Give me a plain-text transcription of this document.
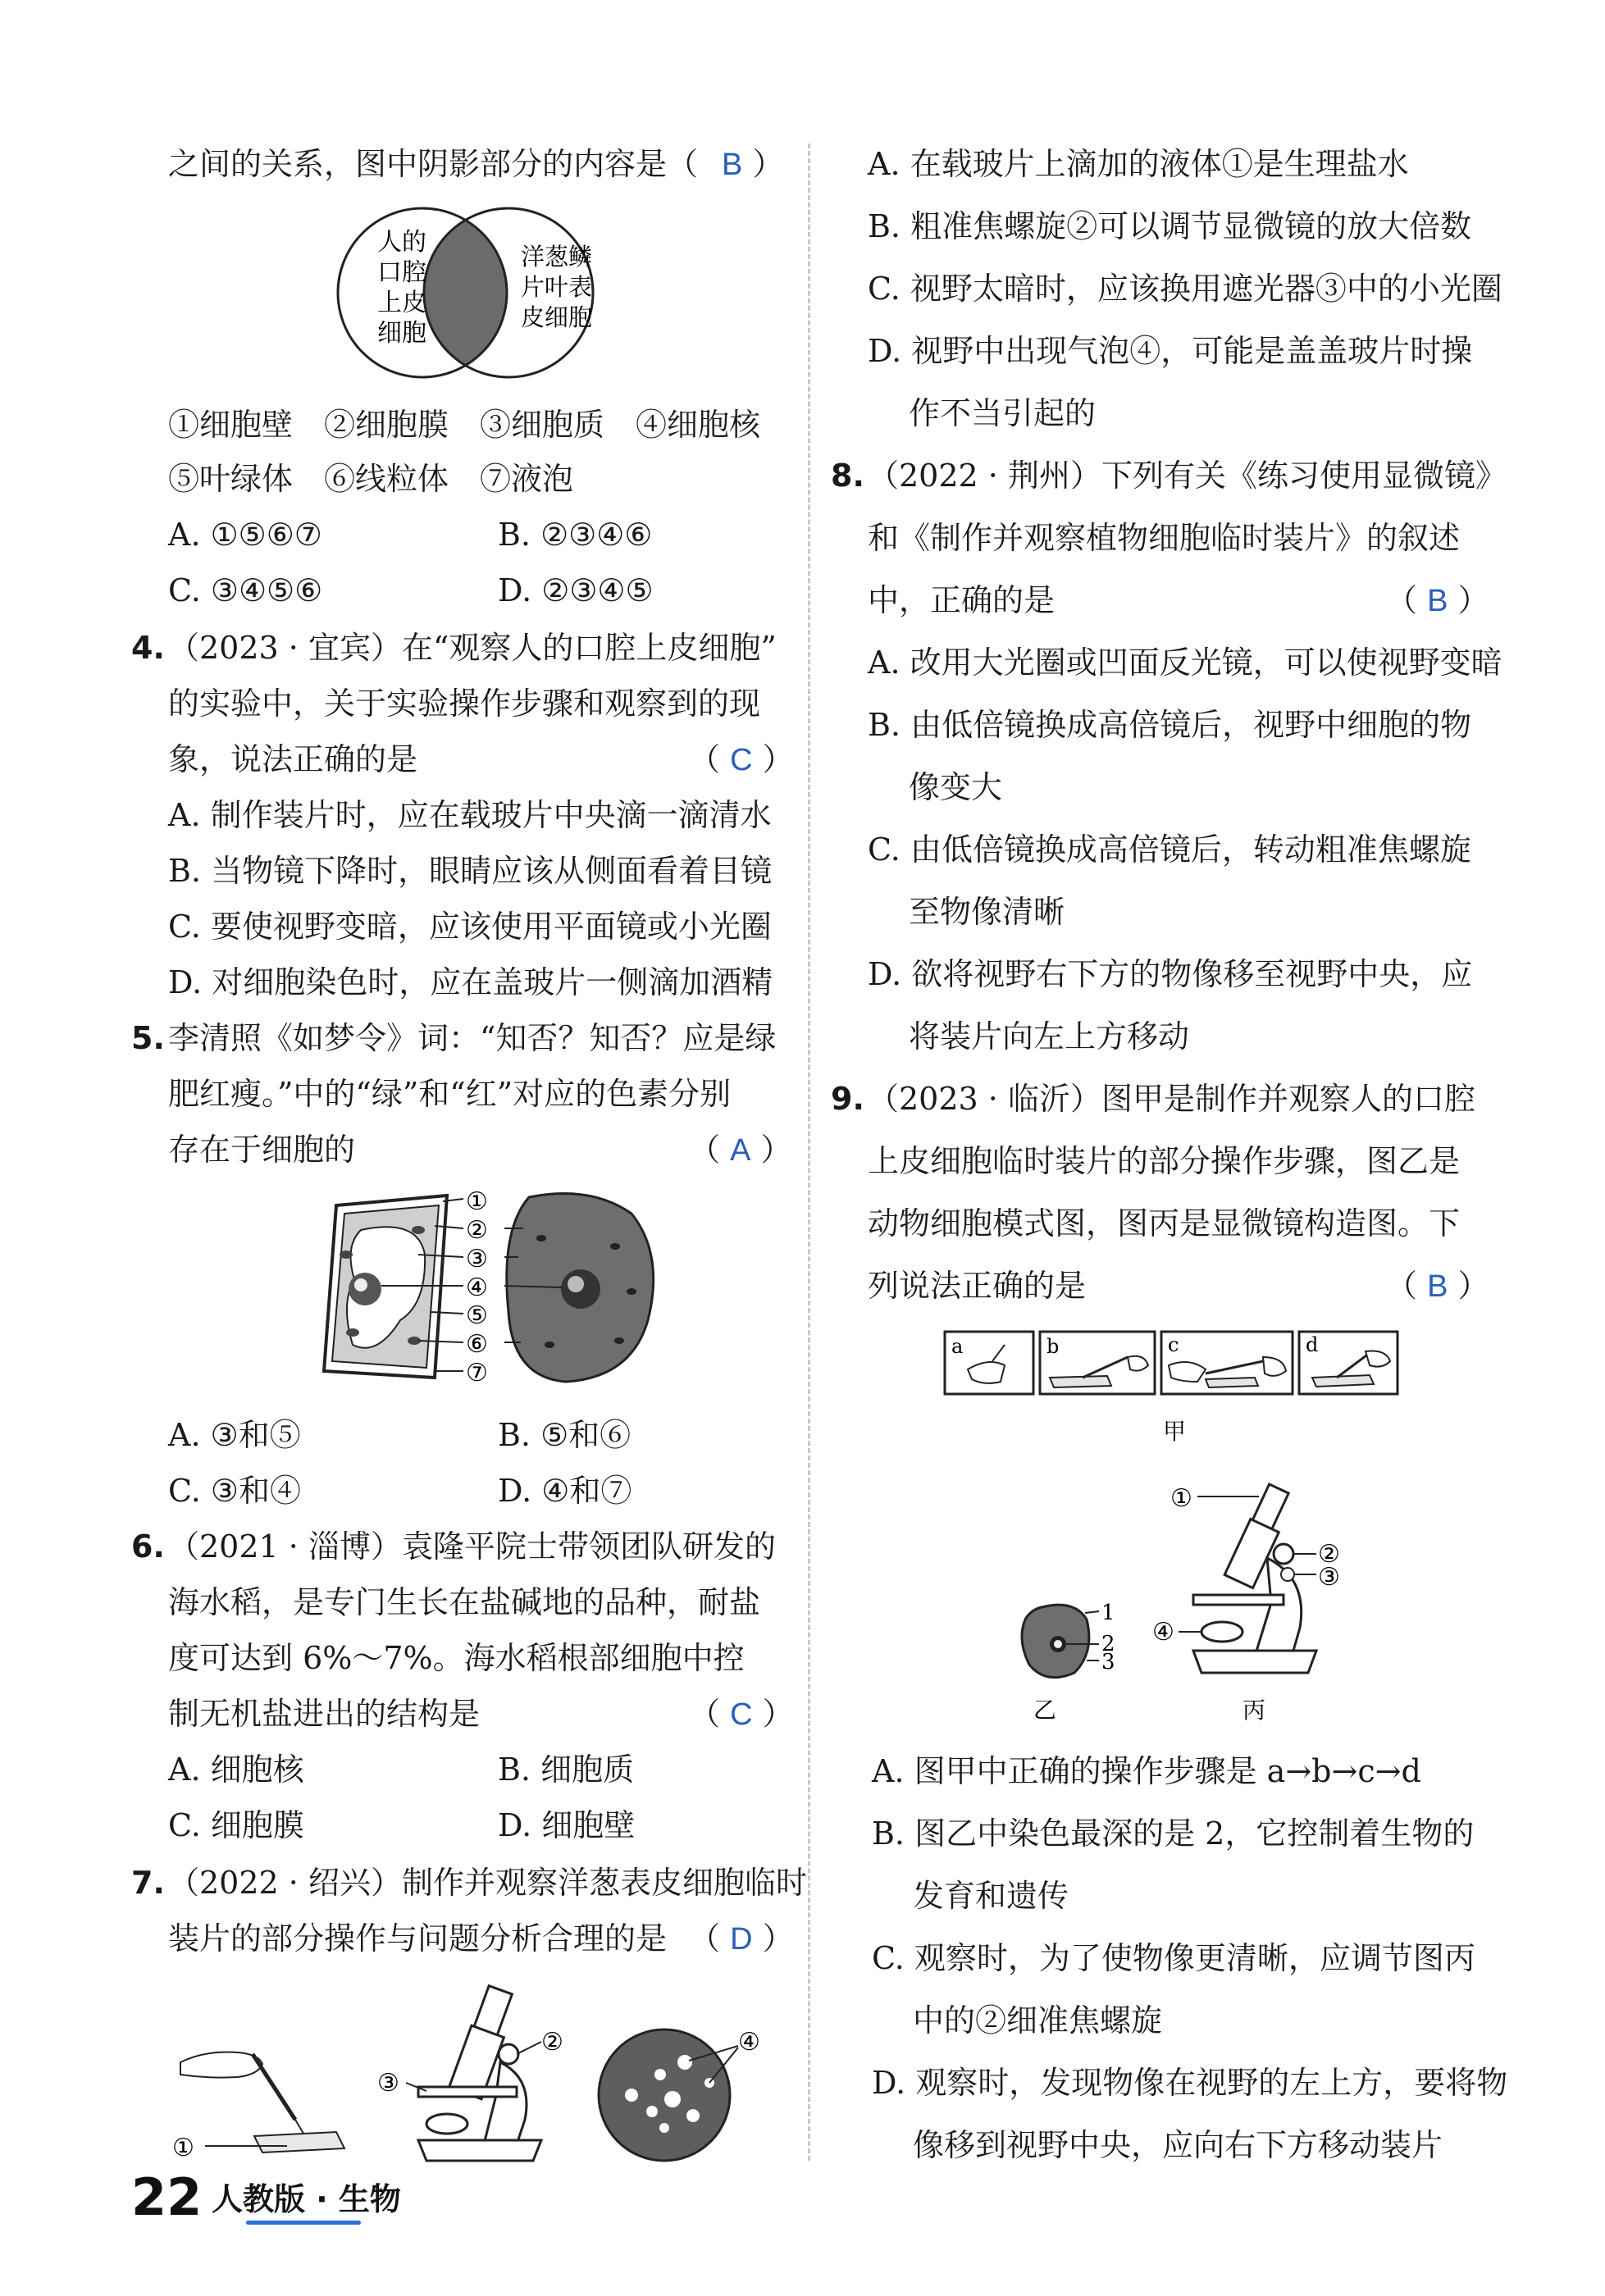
之间的关系，图中阴影部分的内容是（ B ）
人的
口腔
上皮
细胞
洋葱鳞
片叶表
皮细胞
①细胞壁 ②细胞膜 ③细胞质 ④细胞核
⑤叶绿体 ⑥线粒体 ⑦液泡
A. ①⑤⑥⑦	B. ②③④⑥
C. ③④⑤⑥	D. ②③④⑤
4. （2023 · 宜宾）在“观察人的口腔上皮细胞”
的实验中，关于实验操作步骤和观察到的现
象，说法正确的是	（ C ）
A. 制作装片时，应在载玻片中央滴一滴清水
B. 当物镜下降时，眼睛应该从侧面看着目镜
C. 要使视野变暗，应该使用平面镜或小光圈
D. 对细胞染色时，应在盖玻片一侧滴加酒精
5. 李清照《如梦令》词：“知否？知否？应是绿
肥红瘦。”中的“绿”和“红”对应的色素分别
存在于细胞的	（ A ）
①
②
③
④
⑤
⑥
⑦
A. ③和⑤	B. ⑤和⑥
C. ③和④	D. ④和⑦
6. （2021 · 淄博）袁隆平院士带领团队研发的
海水稻，是专门生长在盐碱地的品种，耐盐
度可达到 6%～7%。海水稻根部细胞中控
制无机盐进出的结构是	（ C ）
A. 细胞核	B. 细胞质
C. 细胞膜	D. 细胞壁
7. （2022 · 绍兴）制作并观察洋葱表皮细胞临时
装片的部分操作与问题分析合理的是 （ D ）
①
②
③
④
A. 在载玻片上滴加的液体①是生理盐水
B. 粗准焦螺旋②可以调节显微镜的放大倍数
C. 视野太暗时，应该换用遮光器③中的小光圈
D. 视野中出现气泡④，可能是盖盖玻片时操
作不当引起的
8. （2022 · 荆州）下列有关《练习使用显微镜》
和《制作并观察植物细胞临时装片》的叙述
中，正确的是	（ B ）
A. 改用大光圈或凹面反光镜，可以使视野变暗
B. 由低倍镜换成高倍镜后，视野中细胞的物
像变大
C. 由低倍镜换成高倍镜后，转动粗准焦螺旋
至物像清晰
D. 欲将视野右下方的物像移至视野中央，应
将装片向左上方移动
9. （2023 · 临沂）图甲是制作并观察人的口腔
上皮细胞临时装片的部分操作步骤，图乙是
动物细胞模式图，图丙是显微镜构造图。下
列说法正确的是	（ B ）
a	b	c	d
甲
1
2
3
乙
①
②
③
④
丙
A. 图甲中正确的操作步骤是 a→b→c→d
B. 图乙中染色最深的是 2，它控制着生物的
发育和遗传
C. 观察时，为了使物像更清晰，应调节图丙
中的②细准焦螺旋
D. 观察时，发现物像在视野的左上方，要将物
像移到视野中央，应向右下方移动装片
22 人教版 · 生物
